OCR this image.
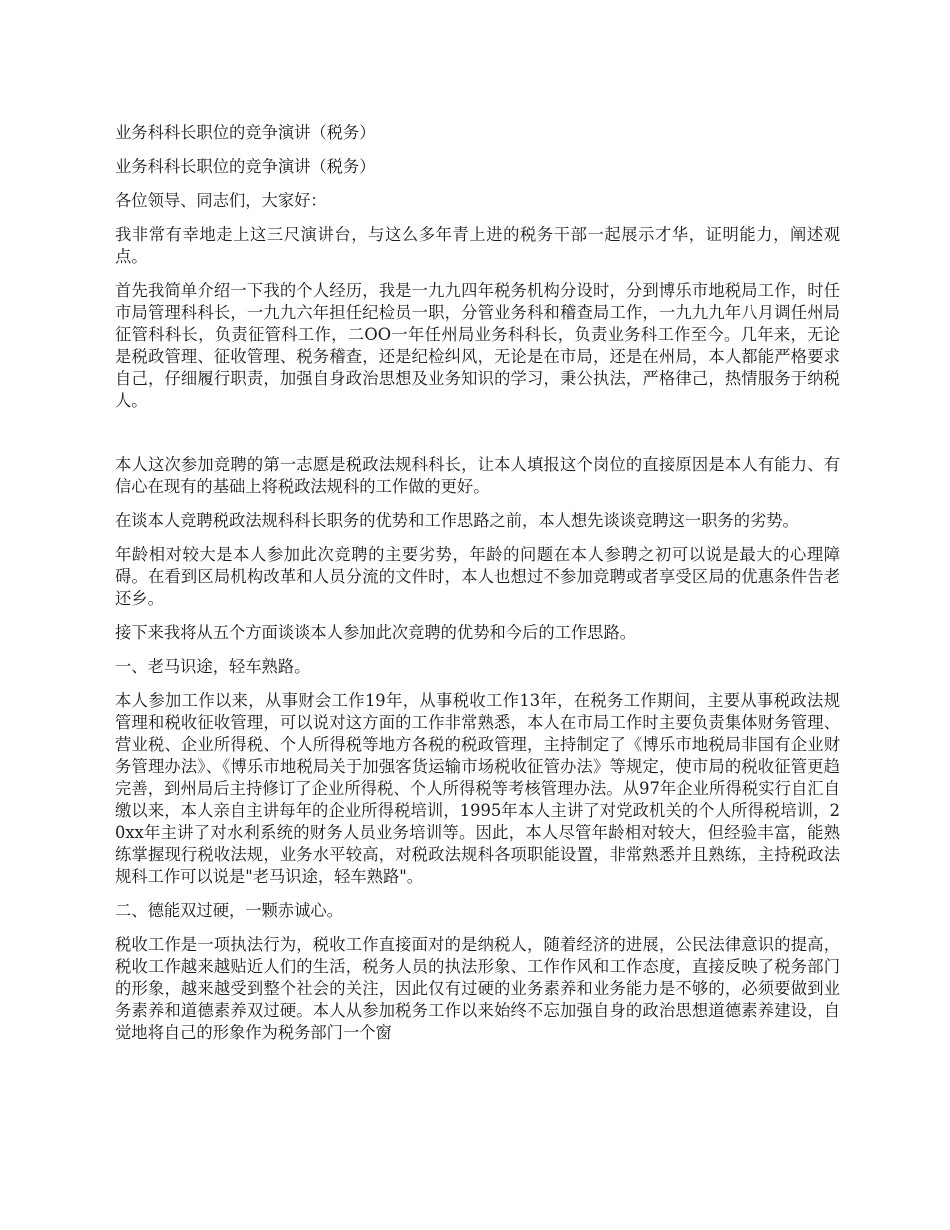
业务科科长职位的竞争演讲（税务）

业务科科长职位的竞争演讲（税务）

各位领导、同志们，大家好：

我非常有幸地走上这三尺演讲台，与这么多年青上进的税务干部一起展示才华，证明能力，阐述观点。

首先我简单介绍一下我的个人经历，我是一九九四年税务机构分设时，分到博乐市地税局工作，时任市局管理科科长，一九九六年担任纪检员一职，分管业务科和稽查局工作，一九九九年八月调任州局征管科科长，负责征管科工作，二OO一年任州局业务科科长，负责业务科工作至今。几年来，无论是税政管理、征收管理、税务稽查，还是纪检纠风，无论是在市局，还是在州局，本人都能严格要求自己，仔细履行职责，加强自身政治思想及业务知识的学习，秉公执法，严格律己，热情服务于纳税人。

本人这次参加竞聘的第一志愿是税政法规科科长，让本人填报这个岗位的直接原因是本人有能力、有信心在现有的基础上将税政法规科的工作做的更好。

在谈本人竞聘税政法规科科长职务的优势和工作思路之前，本人想先谈谈竞聘这一职务的劣势。

年龄相对较大是本人参加此次竞聘的主要劣势，年龄的问题在本人参聘之初可以说是最大的心理障碍。在看到区局机构改革和人员分流的文件时，本人也想过不参加竞聘或者享受区局的优惠条件告老还乡。

接下来我将从五个方面谈谈本人参加此次竞聘的优势和今后的工作思路。

一、老马识途，轻车熟路。

本人参加工作以来，从事财会工作19年，从事税收工作13年，在税务工作期间，主要从事税政法规管理和税收征收管理，可以说对这方面的工作非常熟悉，本人在市局工作时主要负责集体财务管理、营业税、企业所得税、个人所得税等地方各税的税政管理，主持制定了《博乐市地税局非国有企业财务管理办法》、《博乐市地税局关于加强客货运输市场税收征管办法》等规定，使市局的税收征管更趋完善，到州局后主持修订了企业所得税、个人所得税等考核管理办法。从97年企业所得税实行自汇自缴以来，本人亲自主讲每年的企业所得税培训，1995年本人主讲了对党政机关的个人所得税培训，20xx年主讲了对水利系统的财务人员业务培训等。因此，本人尽管年龄相对较大，但经验丰富，能熟练掌握现行税收法规，业务水平较高，对税政法规科各项职能设置，非常熟悉并且熟练，主持税政法规科工作可以说是"老马识途，轻车熟路"。

二、德能双过硬，一颗赤诚心。

税收工作是一项执法行为，税收工作直接面对的是纳税人，随着经济的进展，公民法律意识的提高，税收工作越来越贴近人们的生活，税务人员的执法形象、工作作风和工作态度，直接反映了税务部门的形象，越来越受到整个社会的关注，因此仅有过硬的业务素养和业务能力是不够的，必须要做到业务素养和道德素养双过硬。本人从参加税务工作以来始终不忘加强自身的政治思想道德素养建设，自觉地将自己的形象作为税务部门一个窗
